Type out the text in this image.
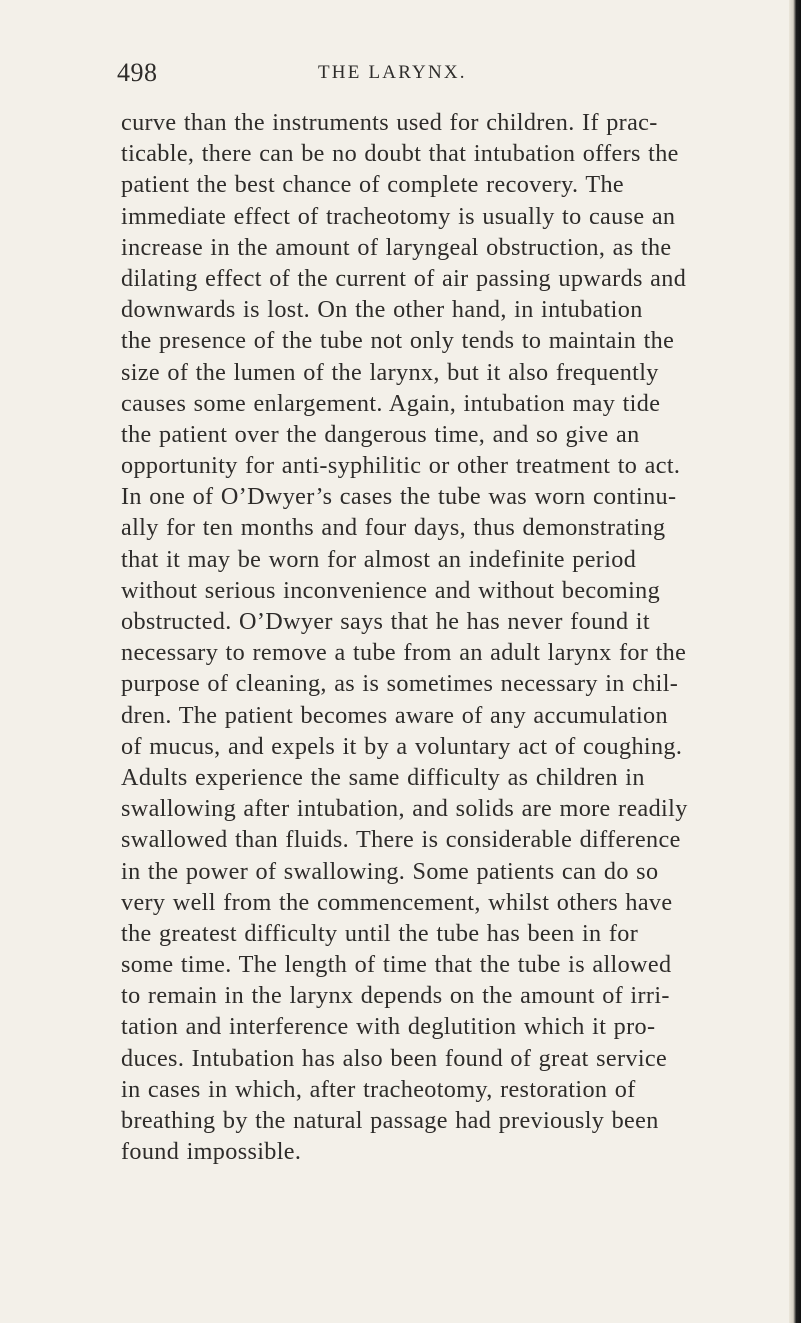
498	THE LARYNX.
curve than the instruments used for children. If prac-
ticable, there can be no doubt that intubation offers the
patient the best chance of complete recovery. The
immediate effect of tracheotomy is usually to cause an
increase in the amount of laryngeal obstruction, as the
dilating effect of the current of air passing upwards and
downwards is lost. On the other hand, in intubation
the presence of the tube not only tends to maintain the
size of the lumen of the larynx, but it also frequently
causes some enlargement. Again, intubation may tide
the patient over the dangerous time, and so give an
opportunity for anti-syphilitic or other treatment to act.
In one of O’Dwyer’s cases the tube was worn continu-
ally for ten months and four days, thus demonstrating
that it may be worn for almost an indefinite period
without serious inconvenience and without becoming
obstructed. O’Dwyer says that he has never found it
necessary to remove a tube from an adult larynx for the
purpose of cleaning, as is sometimes necessary in chil-
dren. The patient becomes aware of any accumulation
of mucus, and expels it by a voluntary act of coughing.
Adults experience the same difficulty as children in
swallowing after intubation, and solids are more readily
swallowed than fluids. There is considerable difference
in the power of swallowing. Some patients can do so
very well from the commencement, whilst others have
the greatest difficulty until the tube has been in for
some time. The length of time that the tube is allowed
to remain in the larynx depends on the amount of irri-
tation and interference with deglutition which it pro-
duces. Intubation has also been found of great service
in cases in which, after tracheotomy, restoration of
breathing by the natural passage had previously been
found impossible.
